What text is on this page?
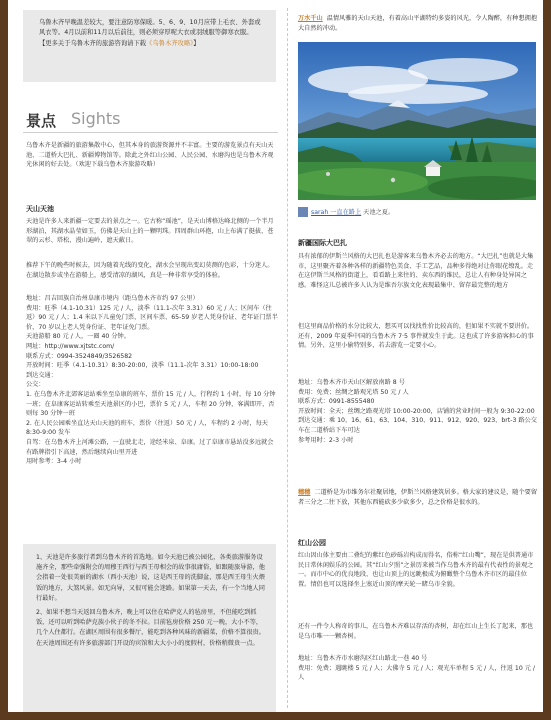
乌鲁木齐早晚温差较大，要注意防寒保暖。5、6、9、10月应带上毛衣、外套或风衣等。4月以前和11月以后前往，则必须穿厚呢大衣或羽绒服等御寒衣服。

【更多关于乌鲁木齐的旅游咨询请下载《乌鲁木齐攻略》】

景点 Sights
乌鲁木齐是新疆的旅游集散中心，但其本身的旅游资源并不丰富。主要的游览景点有天山天池、二道桥大巴扎、新疆博物馆等。除此之外红山公园、人民公园、水磨沟也是乌鲁木齐观光休闲的好去处。（欢迎下载乌鲁木齐旅游攻略）
天山天池
天池是许多人来新疆一定要去的景点之一。它古称“瑶池”，是天山博格达峰北侧的一个半月形湖泊，其湖水晶莹如玉，仿佛是天山上的一颗明珠。四周群山环抱，山上布满了挺拔、苍翠的云杉、塔松，漫山遍岭，遮天蔽日。
推荐下午的晚些时候去，因为随着光线的变化，湖水会呈现出变幻莫测的色彩，十分迷人。在湖边散步或坐在游船上，感受清凉的湖风，真是一种非常享受的体验。

地址：昌吉回族自治州阜康市境内（距乌鲁木齐市约 97 公里）

费用：旺季（4.1-10.31）125 元 / 人，淡季（11.1-次年 3.31）60 元 / 人；区间车（往返）90 元 / 人；1.4 米以下儿童免门票，区间车票、65-59 岁老人凭身份证、老年证门票半价，70 岁以上老人凭身份证、老年证免门票。

天池游船 80 元 / 人，一圈 40 分钟。

网址：http://www.xjtstc.com/

联系方式：0994-3524849/3526582

开放时间：旺季（4.1-10.31）8:30-20:00，淡季（11.1-次年 3.31）10:00-18:00

到达交通：

公交：

1. 在乌鲁木齐北郊客运站乘坐至阜康的班车，票价 15 元 / 人，行程约 1 小时，每 10 分钟一班；在阜康客运站转乘至天池景区的小巴，票价 5 元 / 人，车程 20 分钟，客满即开，否则每 30 分钟一班

2. 在人民公园乘坐直达天山天池的班车，票价（往返）50 元 / 人，车程约 2 小时，每天 8:30-9:00 发车

自驾：在乌鲁木齐上河滩公路，一直驶北走，途经米泉、阜康。过了阜康市悬站没多远就会有路牌指引下高速，然后继续向山里开进

用时参考：3-4 小时

1、天池是许多旅行者到乌鲁木齐的首选地。如今天池已被公园化，各类旅游服务设施齐全，那些牵强附会的周穆王西行与西王母相会的故事很庸俗，如跟随旅导游，他会指着一处很美丽的湖水（西小天池）说，这是西王母的洗脚盆，那是西王母生火煨饭的地方，大煞风景。如无向导，又很可能会迷路。如果第一天去，有一个当地人同行最好。

2、如果不想当天返回乌鲁木齐，晚上可以住在哈萨克人的毡房里，不但能吃到抓饭，还可以听到哈萨克族小伙子的冬不拉。目前毡房价格 250 元一晚，大小不等，几个人住都行。在湖区周围有很多餐厅，能吃到各种风味的新疆菜，价格不算很贵。在天池周围还有许多旅游部门开设的宾馆和大大小小的度假村，价格稍微贵一点。

万水千山 温情风雅的天山天池，有着高山平湖特约多姿的风光，令人陶醉，有种想拥抱大自然的冲动。
sarah 一直在路上 天池之夏。
新疆国际大巴扎
具有浓郁的伊斯兰风格的大巴扎也是游客来乌鲁木齐必去的地方。“大巴扎”也就是大集市，这里聚齐着各种各样的新疆特色美食、手工艺品，品种多得绝对让你眼花缭乱。走在这伊斯兰风格的街道上，看看路上来往的、卖东西的维民，总让人有种身处异国之感。难怪这儿总被许多人认为是维吾尔族文化表现最集中、留存最完整的地方
但这里商品价格的水分比较大，想买可以找找性价比较高的，但如果不实就不要讲价。还有，2009 年夏季中国的乌鲁木齐 7·5 事件就发生于此。这也成了许多游客担心的事情。另外，这里小偷特别多，若去游览一定要小心。

地址：乌鲁木齐市天山区解放南路 8 号

费用：免费；丝绸之路观光塔 50 元 / 人

联系方式：0991-8555480

开放时间：全天；丝绸之路观光塔 10:00-20:00，店铺的营业时间一般为 9:30-22:00

到达交通：乘 10、16、61、63、104、310、911、912、920、923、brt-3 路公交车在二道桥站下车可达

参考用时：2-3 小时

穗穗 二道桥是为市维务尔社聚居地，伊斯兰风格建筑居多。格大家的建议是，随个要留者三分之二往下放，其他东西能砍多少砍多少，总之价格是很水的。
红山公园
红山因山体主要由二叠纪的紫红色砂砾岩构成而得名，俗称“红山嘴”，现在是供普通市民日常休闲娱乐的公园。其“红山夕照”之景历来被当作乌鲁木齐的最有代表性的景观之一。而市中心的优良地段、也让山顶上的远眺极成为俯瞰整个乌鲁木齐市区的最佳位置。情侣也可以选择坐上塞近山顶的摩天轮一睹乌市全貌。
还有一件令人称奇的事儿，在乌鲁木齐难以存活的杏树，却在红山上生长了起来，那也是乌市唯一一颗杏树。

地址：乌鲁木齐市水磨沟区红山路北一巷 40 号

费用：免费；遇眺楼 5 元 / 人；大佛寺 5 元 / 人；观光车单程 5 元 / 人，往返 10 元 / 人
